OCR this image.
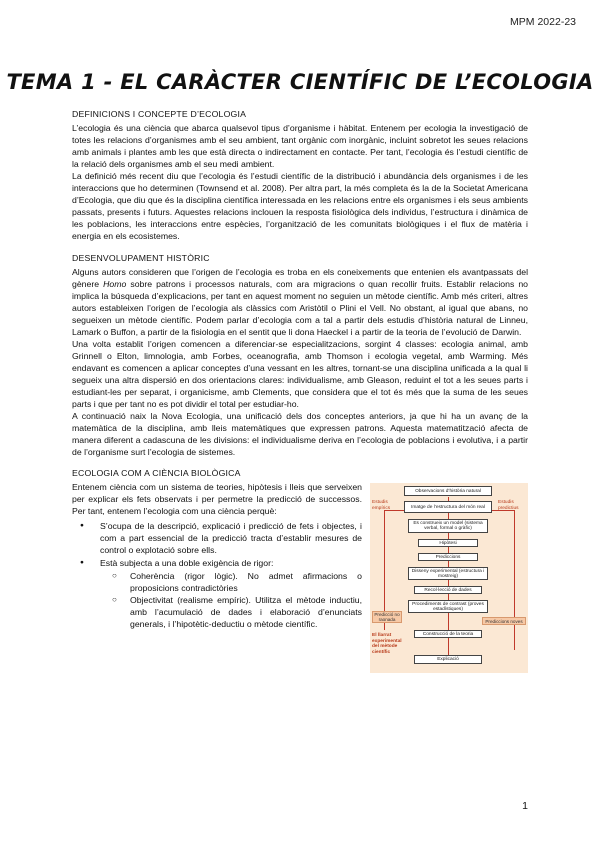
MPM 2022-23
TEMA 1 - EL CARÀCTER CIENTÍFIC DE L’ECOLOGIA
DEFINICIONS I CONCEPTE D’ECOLOGIA

L’ecologia és una ciència que abarca qualsevol tipus d’organisme i hàbitat. Entenem per ecologia la investigació de totes les relacions d’organismes amb el seu ambient, tant orgànic com inorgànic, incluint sobretot les seues relacions amb animals i plantes amb les que està directa o indirectament en contacte. Per tant, l’ecologia és l’estudi científic de la relació dels organismes amb el seu medi ambient.

La definició més recent diu que l’ecologia és l’estudi científic de la distribució i abundància dels organismes i de les interaccions que ho determinen (Townsend et al. 2008). Per altra part, la més completa és la de la Societat Americana d’Ecologia, que diu que és la disciplina científica interessada en les relacions entre els organismes i els seus ambients passats, presents i futurs. Aquestes relacions inclouen la resposta fisiològica dels individus, l’estructura i dinàmica de les poblacions, les interaccions entre espècies, l’organització de les comunitats biològiques i el flux de matèria i energia en els ecosistemes.

DESENVOLUPAMENT HISTÒRIC

Alguns autors consideren que l’origen de l’ecologia es troba en els coneixements que entenien els avantpassats del gènere Homo sobre patrons i processos naturals, com ara migracions o quan recollir fruits. Establir relacions no implica la búsqueda d’explicacions, per tant en aquest moment no seguien un mètode científic. Amb més criteri, altres autors estableixen l’origen de l’ecologia als clàssics com Aristòtil o Plini el Vell. No obstant, al igual que abans, no segueixen un mètode científic. Podem parlar d’ecologia com a tal a partir dels estudis d’història natural de Linneu, Lamark o Buffon, a partir de la fisiologia en el sentit que li dona Haeckel i a partir de la teoria de l’evolució de Darwin.

Una volta establit l’origen comencen a diferenciar-se especialitzacions, sorgint 4 classes: ecologia animal, amb Grinnell o Elton, limnologia, amb Forbes, oceanografia, amb Thomson i ecologia vegetal, amb Warming. Més endavant es comencen a aplicar conceptes d’una vessant en les altres, tornant-se una disciplina unificada a la qual li segueix una altra dispersió en dos orientacions clares: individualisme, amb Gleason, reduint el tot a les seues parts i estudiant-les per separat, i organicisme, amb Clements, que considera que el tot és més que la suma de les seues parts i que per tant no es pot dividir el total per estudiar-ho.

A continuació naix la Nova Ecologia, una unificació dels dos conceptes anteriors, ja que hi ha un avanç de la matemàtica de la disciplina, amb lleis matemàtiques que expressen patrons. Aquesta matematització afecta de manera diferent a cadascuna de les divisions: el individualisme deriva en l’ecologia de poblacions i evolutiva, i a partir de l’organisme surt l’ecologia de sistemes.

ECOLOGIA COM A CIÈNCIA BIOLÒGICA

Entenem ciència com un sistema de teories, hipòtesis i lleis que serveixen per explicar els fets observats i per permetre la predicció de successos. Per tant, entenem l’ecologia com una ciència perquè:

● S’ocupa de la descripció, explicació i predicció de fets i objectes, i com a part essencial de la predicció tracta d’establir mesures de control o explotació sobre ells.
● Està subjecta a una doble exigència de rigor:
○ Coherència (rigor lògic). No admet afirmacions o proposicions contradictòries
○ Objectivitat (realisme empíric). Utilitza el mètode inductiu, amb l’acumulació de dades i elaboració d’enunciats generals, i l’hipotètic-deductiu o mètode científic.
Observacions d’història natural
Imatge de l’estructura del món real
Es construeix un model (sistema verbal, formal o gràfic)
Hipòtesi
Prediccions
Disseny experimental (estructura i mostreig)
Recol·lecció de dades
Procediments de contrast (proves estadístiques)
Construcció de la teoria
Explicació
Estudis empírics
Estudis predictius
Predicció no raonada	Prediccions noves
El llarrat experimental del mètode científic
1
